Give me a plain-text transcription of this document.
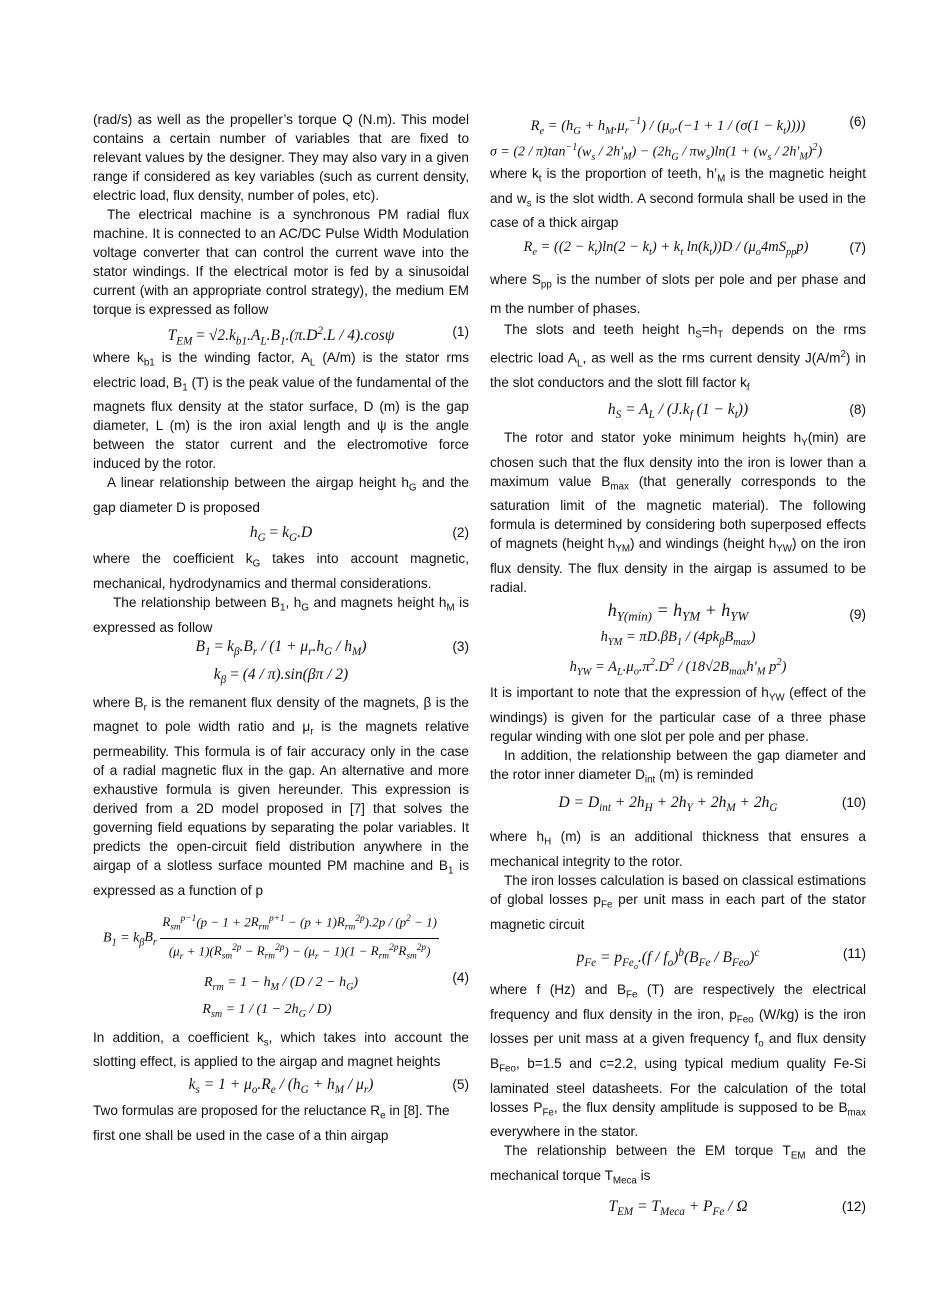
(rad/s) as well as the propeller’s torque Q (N.m). This model contains a certain number of variables that are fixed to relevant values by the designer. They may also vary in a given range if considered as key variables (such as current density, electric load, flux density, number of poles, etc).

The electrical machine is a synchronous PM radial flux machine. It is connected to an AC/DC Pulse Width Modulation voltage converter that can control the current wave into the stator windings. If the electrical motor is fed by a sinusoidal current (with an appropriate control strategy), the medium EM torque is expressed as follow

$T_{EM} = √2.k_{b1}.A_L.B_1.(\pi.D^2.L / 4).\cos\psi$	(1)

where $k_{b1}$ is the winding factor, $A_L$ (A/m) is the stator rms electric load, $B_1$ (T) is the peak value of the fundamental of the magnets flux density at the stator surface, D (m) is the gap diameter, L (m) is the iron axial length and ψ is the angle between the stator current and the electromotive force induced by the rotor.

A linear relationship between the airgap height $h_G$ and the gap diameter D is proposed

$h_G = k_G.D$	(2)

where the coefficient $k_G$ takes into account magnetic, mechanical, hydrodynamics and thermal considerations.

The relationship between $B_1$, $h_G$ and magnets height $h_M$ is expressed as follow

$B_1 = k_\beta.B_r / (1 + \mu_r.h_G / h_M)$	(3)
$k_\beta = (4 / \pi).\sin(\beta\pi / 2)$

where $B_r$ is the remanent flux density of the magnets, β is the magnet to pole width ratio and $\mu_r$ is the magnets relative permeability. This formula is of fair accuracy only in the case of a radial magnetic flux in the gap. An alternative and more exhaustive formula is given hereunder. This expression is derived from a 2D model proposed in [7] that solves the governing field equations by separating the polar variables. It predicts the open-circuit field distribution anywhere in the airgap of a slotless surface mounted PM machine and $B_1$ is expressed as a function of p

$B_1 = k_\beta B_r \frac{R_{sm}^{p-1}(p - 1 + 2R_{rm}^{p+1} - (p + 1)R_{rm}^{2p}).2p / (p^2 - 1)}{(\mu_r + 1)(R_{sm}^{2p} - R_{rm}^{2p}) - (\mu_r - 1)(1 - R_{rm}^{2p}R_{sm}^{2p})}$
$R_{rm} = 1 - h_M / (D / 2 - h_G)$
$R_{sm} = 1 / (1 - 2h_G / D)$
(4)

In addition, a coefficient $k_s$, which takes into account the slotting effect, is applied to the airgap and magnet heights

$k_s = 1 + \mu_o.R_e / (h_G + h_M / \mu_r)$	(5)

Two formulas are proposed for the reluctance $R_e$ in [8]. The first one shall be used in the case of a thin airgap

$R_e = (h_G + h_M.\mu_r^{-1}) / (\mu_o.(-1 + 1 / (\sigma(1 - k_t))))$	(6)
$\sigma = (2 / \pi)\tan^{-1}(w_s / 2h'_M) - (2h_G / \pi w_s)\ln(1 + (w_s / 2h'_M)^2)$

where $k_t$ is the proportion of teeth, $h’_M$ is the magnetic height and $w_s$ is the slot width. A second formula shall be used in the case of a thick airgap

$R_e = ((2 - k_t)\ln(2 - k_t) + k_t$ $\ln(k_t))D / (\mu_o4mS_{pp}p)$	(7)

where $S_{pp}$ is the number of slots per pole and per phase and m the number of phases.

The slots and teeth height $h_S=h_T$ depends on the rms electric load $A_L$, as well as the rms current density $J(A/m^2)$ in the slot conductors and the slott fill factor $k_f$

$h_S = A_L / (J.k_f$ $(1 - k_t)$)	(8)

The rotor and stator yoke minimum heights $h_Y(\min)$ are chosen such that the flux density into the iron is lower than a maximum value $B_{max}$ (that generally corresponds to the saturation limit of the magnetic material). The following formula is determined by considering both superposed effects of magnets (height $h_{YM}$) and windings (height $h_{YW}$) on the iron flux density. The flux density in the airgap is assumed to be radial.

$h_{Y(min)} = h_{YM} + h_{YW}$
$h_{YM} = \pi D.\beta B_1 / (4pk_\beta B_{max})$
$h_{YW} = A_L.\mu_o.\pi^2.D^2 / (18√2B_{max}h'_M$ $p^2$)
(9)

It is important to note that the expression of $h_{YW}$ (effect of the windings) is given for the particular case of a three phase regular winding with one slot per pole and per phase.

In addition, the relationship between the gap diameter and the rotor inner diameter $D_{int}$ (m) is reminded

$D = D_{int} + 2h_H + 2h_Y + 2h_M + 2h_G$	(10)

where $h_H$ (m) is an additional thickness that ensures a mechanical integrity to the rotor.

The iron losses calculation is based on classical estimations of global losses $p_{Fe}$ per unit mass in each part of the stator magnetic circuit

$p_{Fe} = p_{Fe_o}.(f / f_o)^b(B_{Fe} / B_{Feo})^c$	(11)

where f (Hz) and $B_{Fe}$ (T) are respectively the electrical frequency and flux density in the iron, $p_{Feo}$ (W/kg) is the iron losses per unit mass at a given frequency $f_o$ and flux density $B_{Feo}$, b=1.5 and c=2.2, using typical medium quality Fe-Si laminated steel datasheets. For the calculation of the total losses $P_{Fe}$, the flux density amplitude is supposed to be $B_{max}$ everywhere in the stator.

The relationship between the EM torque $T_{EM}$ and the mechanical torque $T_{Meca}$ is

$T_{EM} = T_{Meca} + P_{Fe} / \Omega$	(12)
